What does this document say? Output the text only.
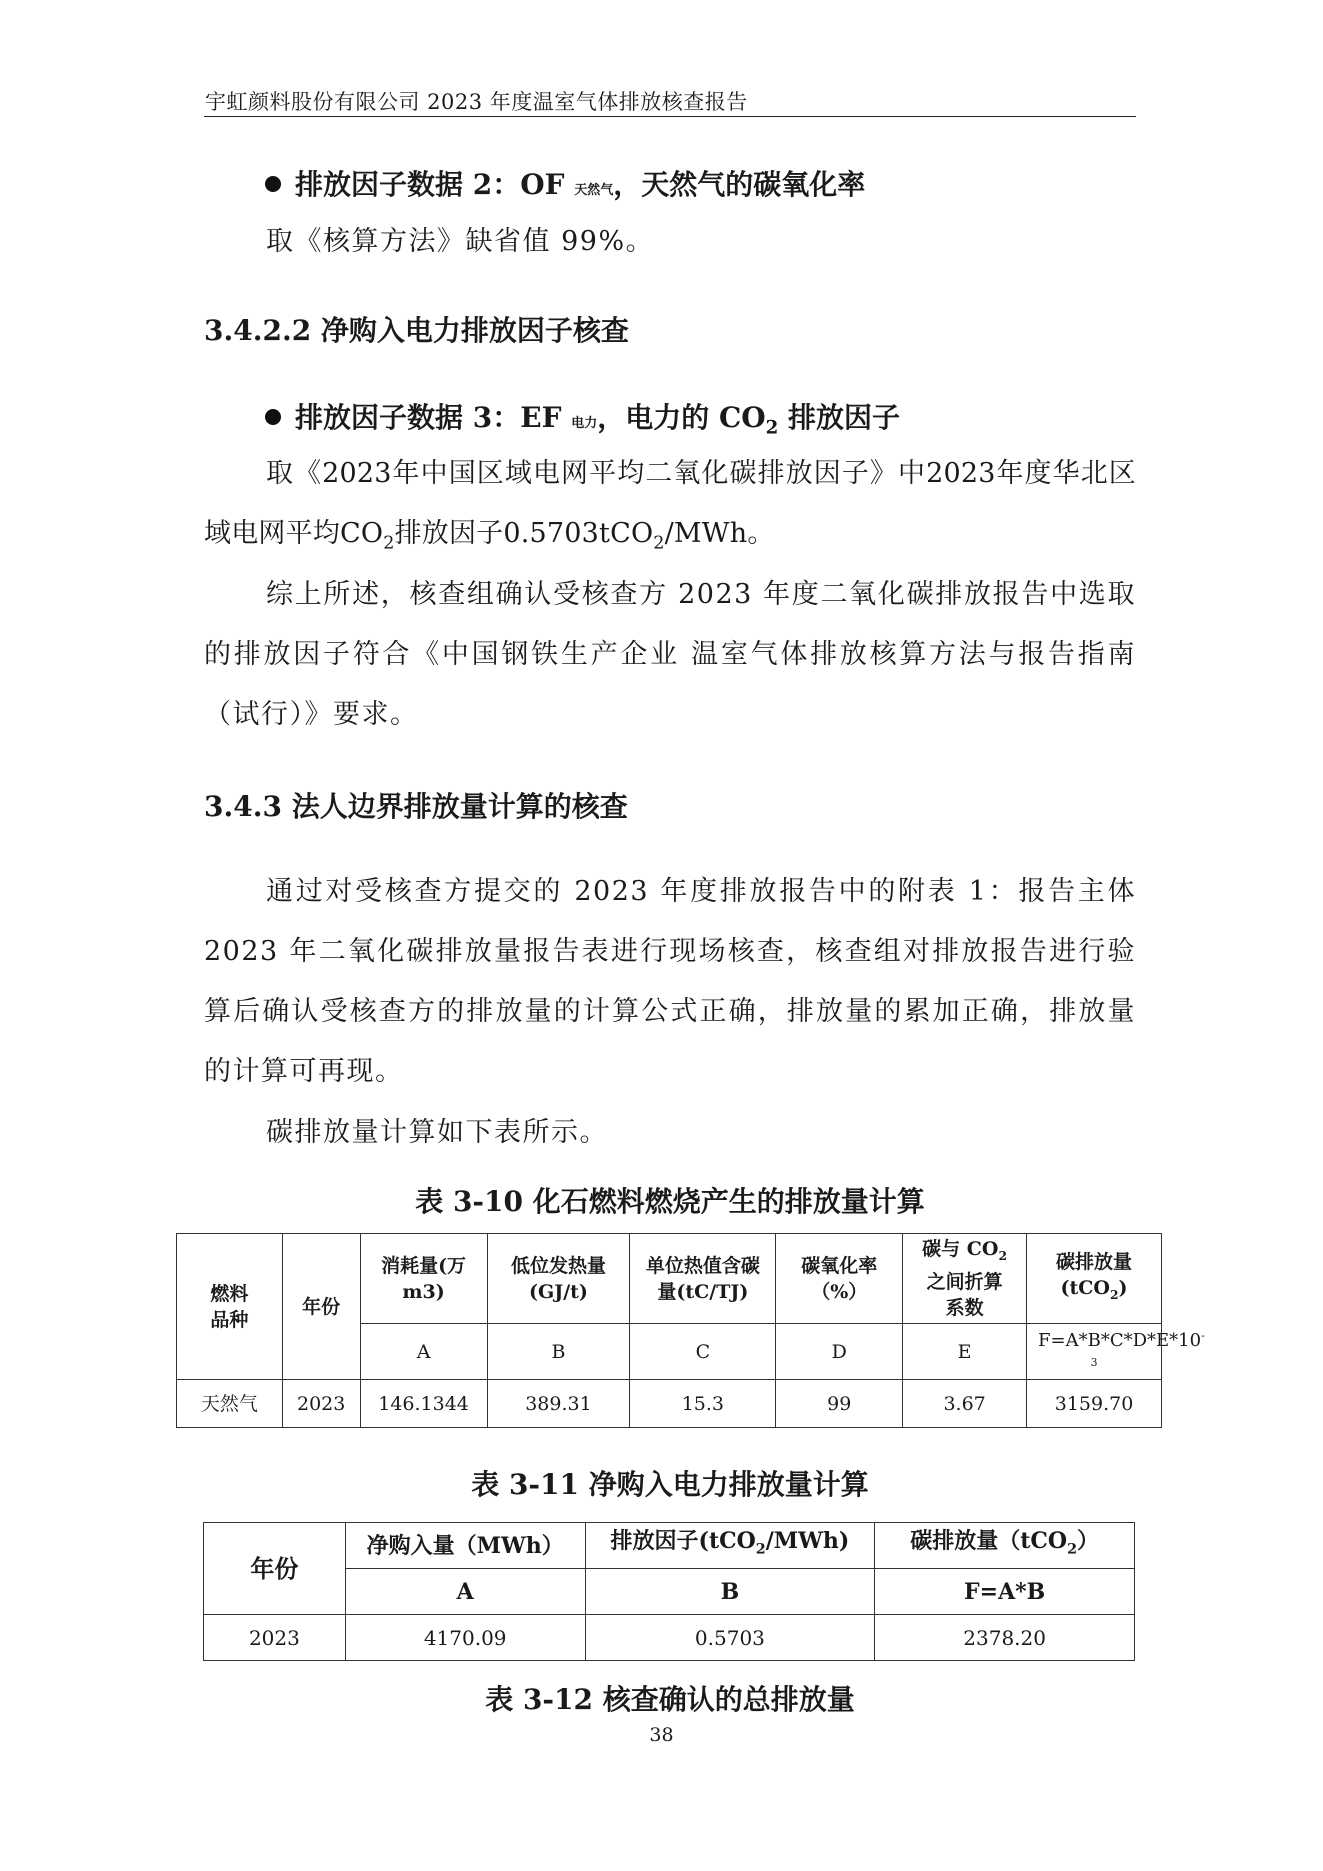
宇虹颜料股份有限公司 2023 年度温室气体排放核查报告
排放因子数据 2：OF 天然气，天然气的碳氧化率
取《核算方法》缺省值 99%。
3.4.2.2 净购入电力排放因子核查
排放因子数据 3：EF 电力，电力的 $CO_2$ 排放因子
取《2023年中国区域电网平均二氧化碳排放因子》中2023年度华北区域电网平均$CO_2$排放因子0.5703tCO$_2$/MWh。
综上所述，核查组确认受核查方 2023 年度二氧化碳排放报告中选取的排放因子符合《中国钢铁生产企业 温室气体排放核算方法与报告指南（试行）》要求。
3.4.3 法人边界排放量计算的核查
通过对受核查方提交的 2023 年度排放报告中的附表 1：报告主体 2023 年二氧化碳排放量报告表进行现场核查，核查组对排放报告进行验算后确认受核查方的排放量的计算公式正确，排放量的累加正确，排放量的计算可再现。
碳排放量计算如下表所示。
表 3-10 化石燃料燃烧产生的排放量计算
燃料品种	年份	消耗量(万m3)	低位发热量(GJ/t)	单位热值含碳量(tC/TJ)	碳氧化率（%）	碳与 $CO_2$之间折算系数	碳排放量(tCO$_2$)

		A	B	C	D	E	$F=A*B*C*D*E*10^{-3}$

天然气	2023	146.1344	389.31	15.3	99	3.67	3159.70
表 3-11 净购入电力排放量计算
年份	净购入量（MWh）	排放因子(tCO$_2$/MWh)	碳排放量（tCO$_2$）
	A	B	F=A*B
2023	4170.09	0.5703	2378.20
表 3-12 核查确认的总排放量
38
